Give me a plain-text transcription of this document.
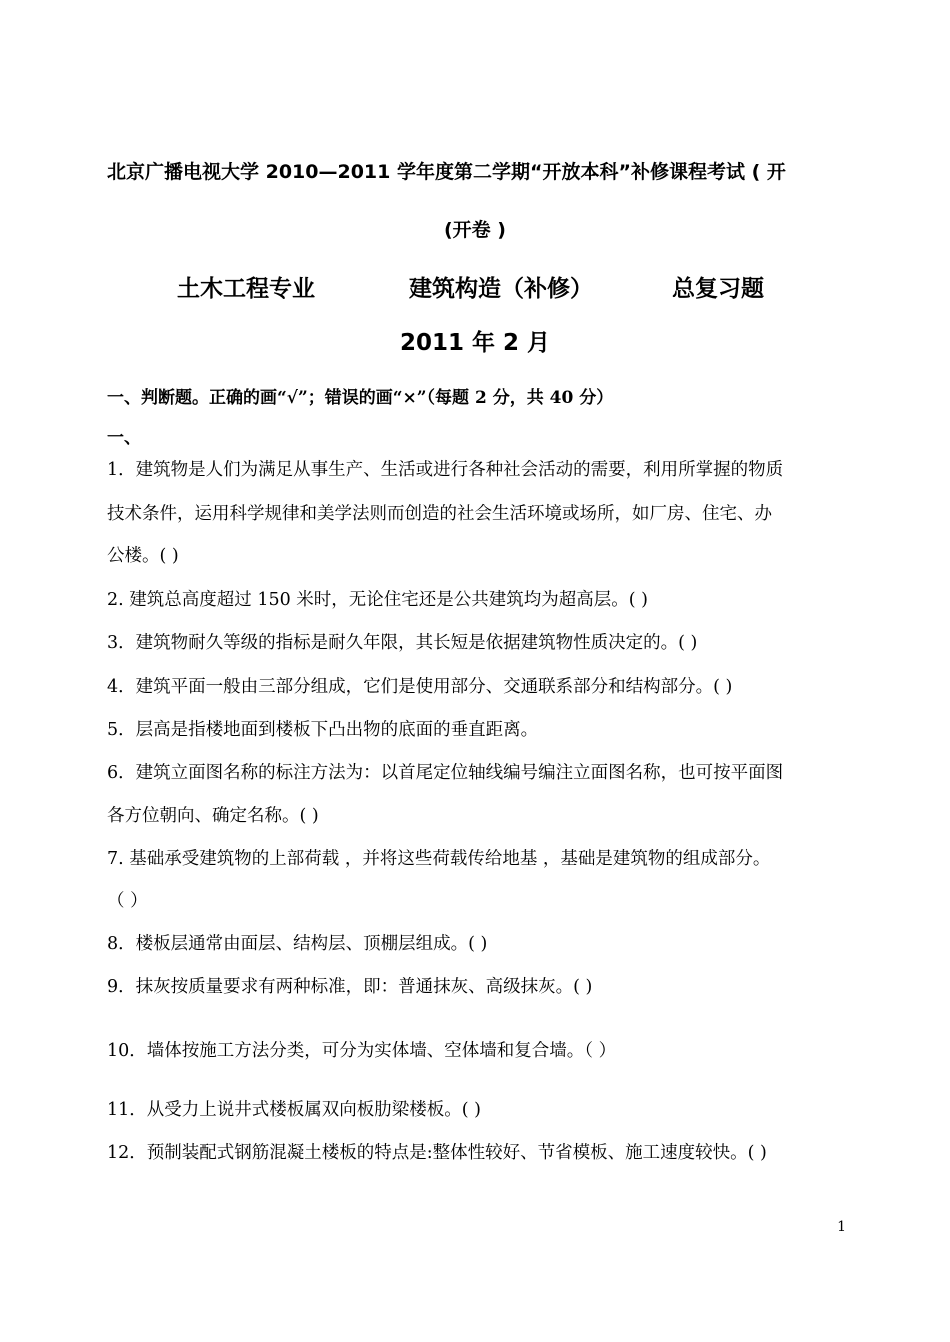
北京广播电视大学 2010—2011 学年度第二学期“开放本科”补修课程考试 ( 开
(开卷 )
土木工程专业	建筑构造（补修）	总复习题
2011 年 2 月
一、判断题。正确的画“√”；错误的画“×”（每题 2 分，共 40 分）
一、
1．建筑物是人们为满足从事生产、生活或进行各种社会活动的需要，利用所掌握的物质
技术条件，运用科学规律和美学法则而创造的社会生活环境或场所，如厂房、住宅、办
公楼。( )
2. 建筑总高度超过 150 米时，无论住宅还是公共建筑均为超高层。( )
3．建筑物耐久等级的指标是耐久年限，其长短是依据建筑物性质决定的。( )
4．建筑平面一般由三部分组成，它们是使用部分、交通联系部分和结构部分。( )
5．层高是指楼地面到楼板下凸出物的底面的垂直距离。
6．建筑立面图名称的标注方法为：以首尾定位轴线编号编注立面图名称，也可按平面图
各方位朝向、确定名称。( )
7. 基础承受建筑物的上部荷载 ，并将这些荷载传给地基 ，基础是建筑物的组成部分。
（ ）
8．楼板层通常由面层、结构层、顶棚层组成。( )
9．抹灰按质量要求有两种标准，即：普通抹灰、高级抹灰。( )
10．墙体按施工方法分类，可分为实体墙、空体墙和复合墙。（ ）
11．从受力上说井式楼板属双向板肋梁楼板。( )
12．预制装配式钢筋混凝土楼板的特点是:整体性较好、节省模板、施工速度较快。( )
1
